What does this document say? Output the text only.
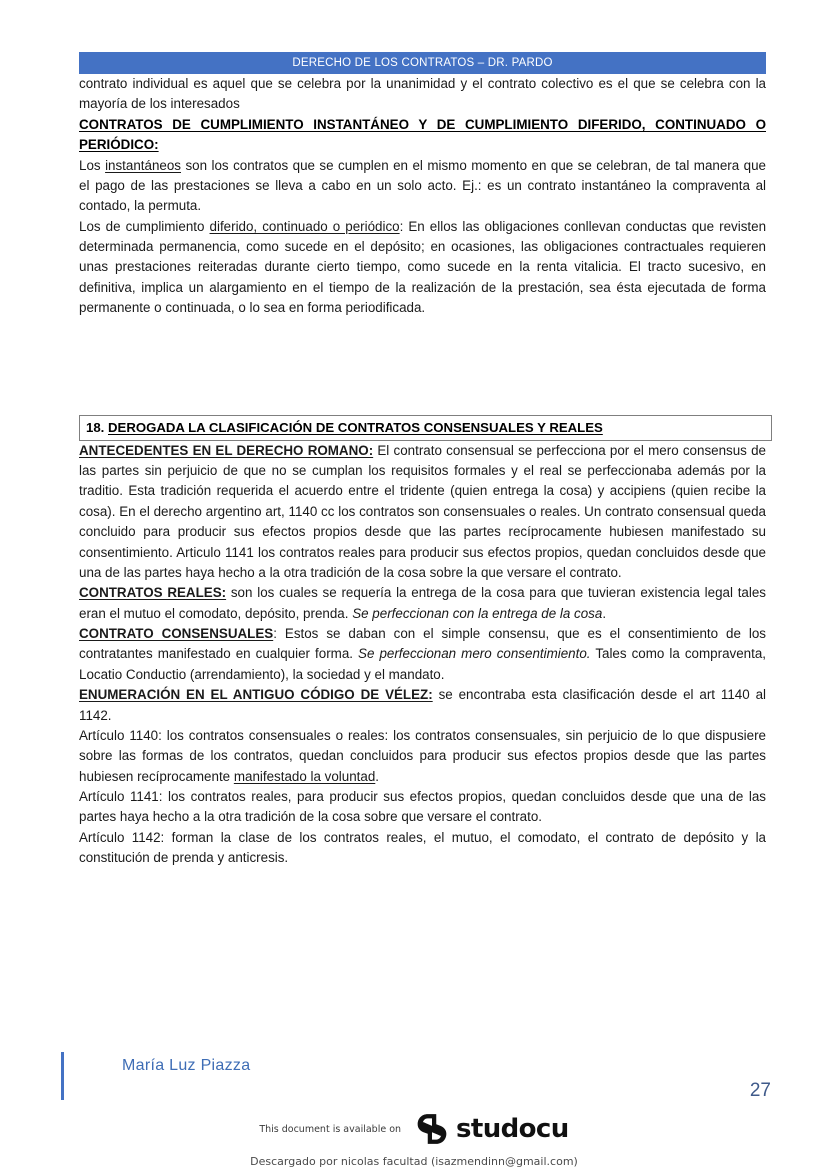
DERECHO DE LOS CONTRATOS – DR. PARDO

contrato individual es aquel que se celebra por la unanimidad y el contrato colectivo es el que se celebra con la mayoría de los interesados

CONTRATOS DE CUMPLIMIENTO INSTANTÁNEO Y DE CUMPLIMIENTO DIFERIDO, CONTINUADO O PERIÓDICO:

Los instantáneos son los contratos que se cumplen en el mismo momento en que se celebran, de tal manera que el pago de las prestaciones se lleva a cabo en un solo acto. Ej.: es un contrato instantáneo la compraventa al contado, la permuta.

Los de cumplimiento diferido, continuado o periódico: En ellos las obligaciones conllevan conductas que revisten determinada permanencia, como sucede en el depósito; en ocasiones, las obligaciones contractuales requieren unas prestaciones reiteradas durante cierto tiempo, como sucede en la renta vitalicia. El tracto sucesivo, en definitiva, implica un alargamiento en el tiempo de la realización de la prestación, sea ésta ejecutada de forma permanente o continuada, o lo sea en forma periodificada.

18. DEROGADA LA CLASIFICACIÓN DE CONTRATOS CONSENSUALES Y REALES

ANTECEDENTES EN EL DERECHO ROMANO: El contrato consensual se perfecciona por el mero consensus de las partes sin perjuicio de que no se cumplan los requisitos formales y el real se perfeccionaba además por la traditio. Esta tradición requerida el acuerdo entre el tridente (quien entrega la cosa) y accipiens (quien recibe la cosa). En el derecho argentino art, 1140 cc los contratos son consensuales o reales. Un contrato consensual queda concluido para producir sus efectos propios desde que las partes recíprocamente hubiesen manifestado su consentimiento. Articulo 1141 los contratos reales para producir sus efectos propios, quedan concluidos desde que una de las partes haya hecho a la otra tradición de la cosa sobre la que versare el contrato.

CONTRATOS REALES: son los cuales se requería la entrega de la cosa para que tuvieran existencia legal tales eran el mutuo el comodato, depósito, prenda. Se perfeccionan con la entrega de la cosa.

CONTRATO CONSENSUALES: Estos se daban con el simple consensu, que es el consentimiento de los contratantes manifestado en cualquier forma. Se perfeccionan mero consentimiento. Tales como la compraventa, Locatio Conductio (arrendamiento), la sociedad y el mandato.

ENUMERACIÓN EN EL ANTIGUO CÓDIGO DE VÉLEZ: se encontraba esta clasificación desde el art 1140 al 1142.

Artículo 1140: los contratos consensuales o reales: los contratos consensuales, sin perjuicio de lo que dispusiere sobre las formas de los contratos, quedan concluidos para producir sus efectos propios desde que las partes hubiesen recíprocamente manifestado la voluntad.

Artículo 1141: los contratos reales, para producir sus efectos propios, quedan concluidos desde que una de las partes haya hecho a la otra tradición de la cosa sobre que versare el contrato.

Artículo 1142: forman la clase de los contratos reales, el mutuo, el comodato, el contrato de depósito y la constitución de prenda y anticresis.

María Luz Piazza
27
This document is available on studocu
Descargado por nicolas facultad (isazmendinn@gmail.com)
